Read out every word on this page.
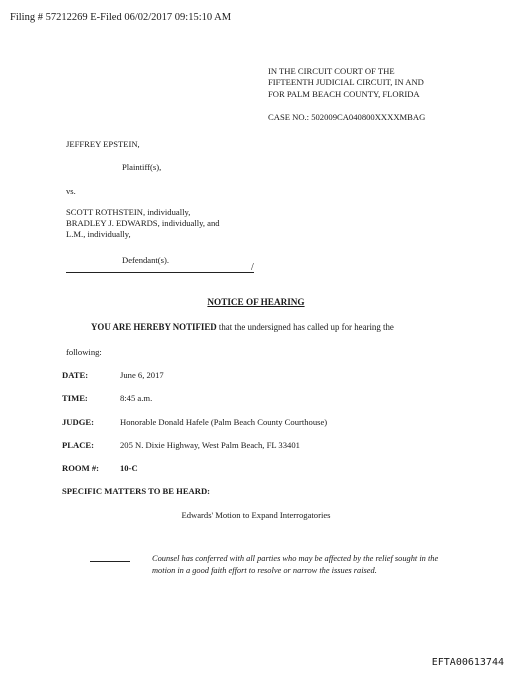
Filing # 57212269 E-Filed 06/02/2017 09:15:10 AM
IN THE CIRCUIT COURT OF THE
FIFTEENTH JUDICIAL CIRCUIT, IN AND
FOR PALM BEACH COUNTY, FLORIDA
CASE NO.: 502009CA040800XXXXMBAG
JEFFREY EPSTEIN,
Plaintiff(s),
vs.
SCOTT ROTHSTEIN, individually,
BRADLEY J. EDWARDS, individually, and
L.M., individually,
Defendant(s).
/
NOTICE OF HEARING
YOU ARE HEREBY NOTIFIED that the undersigned has called up for hearing the
following:
DATE:	June 6, 2017
TIME:	8:45 a.m.
JUDGE:	Honorable Donald Hafele (Palm Beach County Courthouse)
PLACE:	205 N. Dixie Highway, West Palm Beach, FL 33401
ROOM #: 10-C
SPECIFIC MATTERS TO BE HEARD:
Edwards' Motion to Expand Interrogatories
Counsel has conferred with all parties who may be affected by the relief sought in the motion in a good faith effort to resolve or narrow the issues raised.
EFTA00613744
